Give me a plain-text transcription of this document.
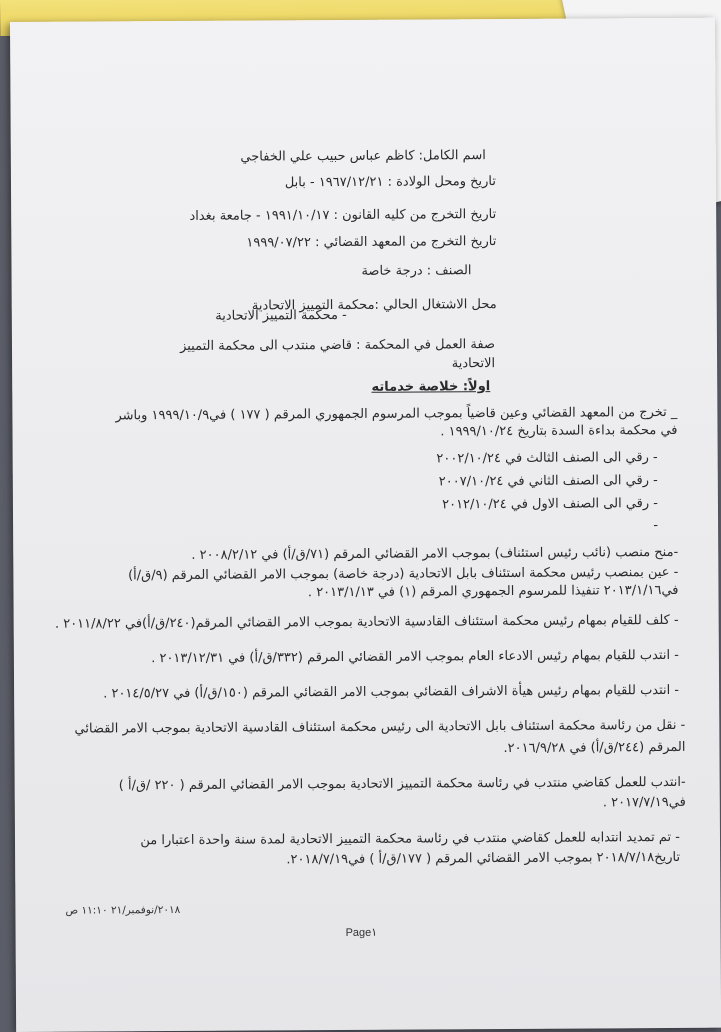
اسم الكامل: كاظم عباس حبيب علي الخفاجي
تاريخ ومحل الولادة : ١٩٦٧/١٢/٢١ - بابل
تاريخ التخرج من كليه القانون : ١٩٩١/١٠/١٧ - جامعة بغداد
تاريخ التخرج من المعهد القضائي : ١٩٩٩/٠٧/٢٢
الصنف : درجة خاصة
محل الاشتغال الحالي :محكمة التمييز الاتحادية
- محكمة التمييز الاتحادية
صفة العمل في المحكمة : قاضي منتدب الى محكمة التمييز
الاتحادية
اولاً: خلاصة خدماته
_ تخرج من المعهد القضائي وعين قاضياً بموجب المرسوم الجمهوري المرقم ( ١٧٧ ) في١٩٩٩/١٠/٩ وباشر
في محكمة بداءة السدة بتاريخ ١٩٩٩/١٠/٢٤ .
- رقي الى الصنف الثالث في ٢٠٠٢/١٠/٢٤
- رقي الى الصنف الثاني في ٢٠٠٧/١٠/٢٤
- رقي الى الصنف الاول في ٢٠١٢/١٠/٢٤
-
-منح منصب (نائب رئيس استئناف) بموجب الامر القضائي المرقم (٧١/ق/أ) في ٢٠٠٨/٢/١٢ .
- عين بمنصب رئيس محكمة استئناف بابل الاتحادية (درجة خاصة) بموجب الامر القضائي المرقم (٩/ق/أ)
في٢٠١٣/١/١٦ تنفيذا للمرسوم الجمهوري المرقم (١) في ٢٠١٣/١/١٣ .
- كلف للقيام بمهام رئيس محكمة استئناف القادسية الاتحادية بموجب الامر القضائي المرقم(٢٤٠/ق/أ)في ٢٠١١/٨/٢٢ .
- انتدب للقيام بمهام رئيس الادعاء العام بموجب الامر القضائي المرقم (٣٣٢/ق/أ) في ٢٠١٣/١٢/٣١ .
- انتدب للقيام بمهام رئيس هيأة الاشراف القضائي بموجب الامر القضائي المرقم (١٥٠/ق/أ) في ٢٠١٤/٥/٢٧ .
- نقل من رئاسة محكمة استئناف بابل الاتحادية الى رئيس محكمة استئناف القادسية الاتحادية بموجب الامر القضائي
المرقم (٢٤٤/ق/أ) في ٢٠١٦/٩/٢٨.
-انتدب للعمل كقاضي منتدب في رئاسة محكمة التمييز الاتحادية بموجب الامر القضائي المرقم ( ٢٢٠ /ق/أ )
في٢٠١٧/٧/١٩ .
- تم تمديد انتدابه للعمل كقاضي منتدب في رئاسة محكمة التمييز الاتحادية لمدة سنة واحدة اعتبارا من
تاريخ٢٠١٨/٧/١٨ بموجب الامر القضائي المرقم ( ١٧٧/ق/أ ) في٢٠١٨/٧/١٩.
٢٠١٨/نوفمبر/٢١ ١١:١٠ ص
Page١
